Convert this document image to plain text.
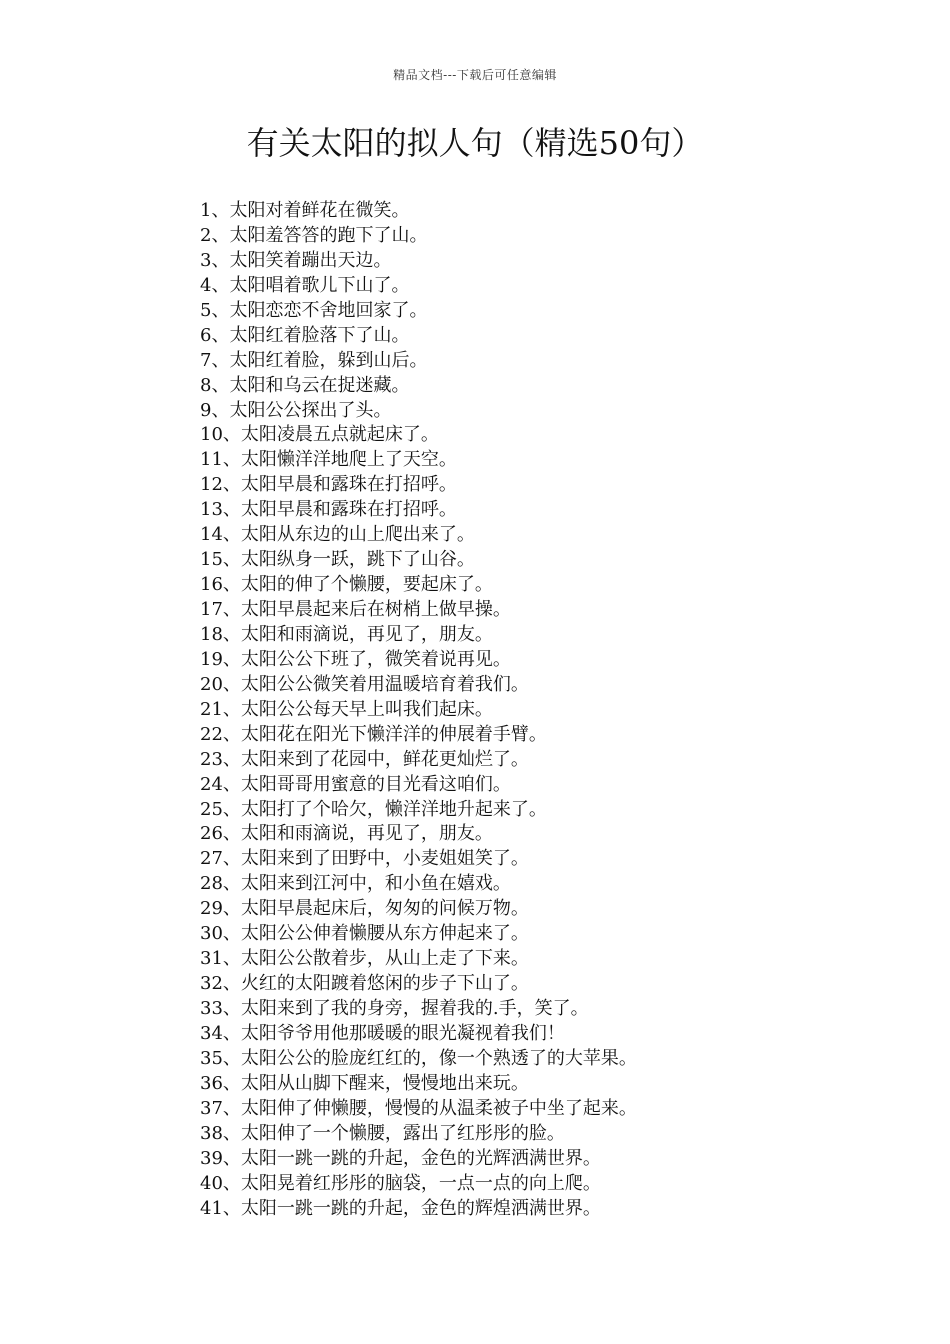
精品文档---下载后可任意编辑
有关太阳的拟人句（精选50句）
1、太阳对着鲜花在微笑。
2、太阳羞答答的跑下了山。
3、太阳笑着蹦出天边。
4、太阳唱着歌儿下山了。
5、太阳恋恋不舍地回家了。
6、太阳红着脸落下了山。
7、太阳红着脸，躲到山后。
8、太阳和乌云在捉迷藏。
9、太阳公公探出了头。
10、太阳凌晨五点就起床了。
11、太阳懒洋洋地爬上了天空。
12、太阳早晨和露珠在打招呼。
13、太阳早晨和露珠在打招呼。
14、太阳从东边的山上爬出来了。
15、太阳纵身一跃，跳下了山谷。
16、太阳的伸了个懒腰，要起床了。
17、太阳早晨起来后在树梢上做早操。
18、太阳和雨滴说，再见了，朋友。
19、太阳公公下班了，微笑着说再见。
20、太阳公公微笑着用温暖培育着我们。
21、太阳公公每天早上叫我们起床。
22、太阳花在阳光下懒洋洋的伸展着手臂。
23、太阳来到了花园中，鲜花更灿烂了。
24、太阳哥哥用蜜意的目光看这咱们。
25、太阳打了个哈欠，懒洋洋地升起来了。
26、太阳和雨滴说，再见了，朋友。
27、太阳来到了田野中，小麦姐姐笑了。
28、太阳来到江河中，和小鱼在嬉戏。
29、太阳早晨起床后，匆匆的问候万物。
30、太阳公公伸着懒腰从东方伸起来了。
31、太阳公公散着步，从山上走了下来。
32、火红的太阳踱着悠闲的步子下山了。
33、太阳来到了我的身旁，握着我的.手，笑了。
34、太阳爷爷用他那暖暖的眼光凝视着我们！
35、太阳公公的脸庞红红的，像一个熟透了的大苹果。
36、太阳从山脚下醒来，慢慢地出来玩。
37、太阳伸了伸懒腰，慢慢的从温柔被子中坐了起来。
38、太阳伸了一个懒腰，露出了红彤彤的脸。
39、太阳一跳一跳的升起，金色的光辉洒满世界。
40、太阳晃着红彤彤的脑袋，一点一点的向上爬。
41、太阳一跳一跳的升起，金色的辉煌洒满世界。
